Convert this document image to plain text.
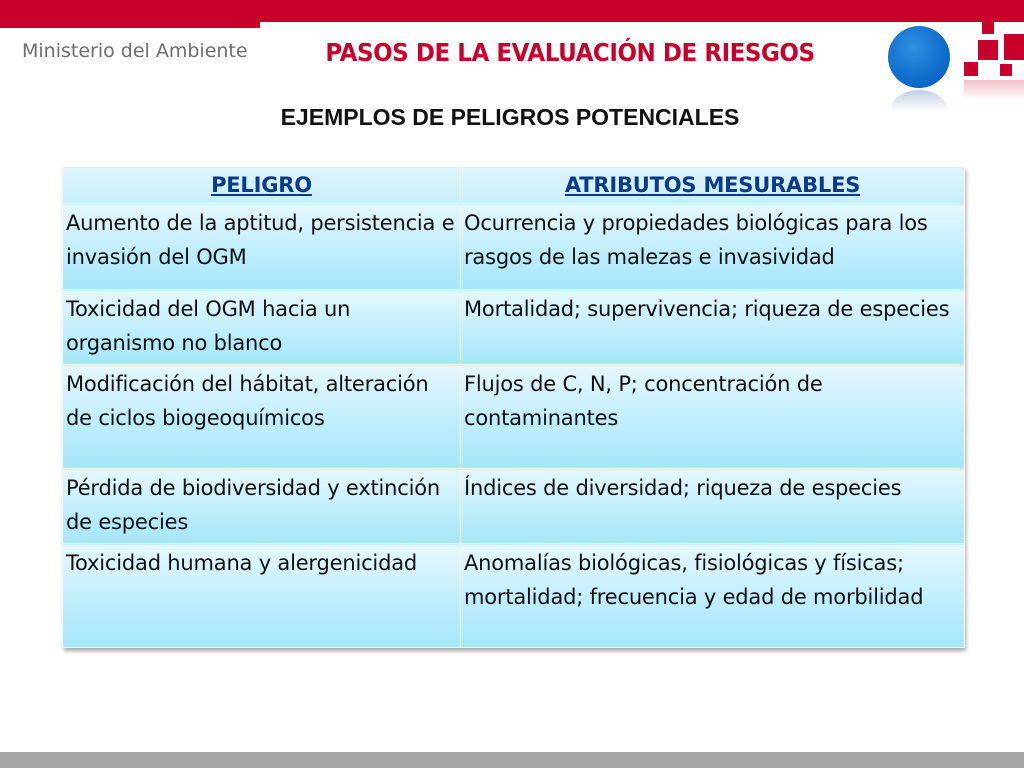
Ministerio del Ambiente	PASOS DE LA EVALUACIÓN DE RIESGOS
EJEMPLOS DE PELIGROS POTENCIALES
PELIGRO	ATRIBUTOS MESURABLES
Aumento de la aptitud, persistencia e invasión del OGM	Ocurrencia y propiedades biológicas para los rasgos de las malezas e invasividad
Toxicidad del OGM hacia un organismo no blanco	Mortalidad; supervivencia; riqueza de especies
Modificación del hábitat, alteración de ciclos biogeoquímicos	Flujos de C, N, P; concentración de contaminantes
Pérdida de biodiversidad y extinción de especies	Índices de diversidad; riqueza de especies
Toxicidad humana y alergenicidad	Anomalías biológicas, fisiológicas y físicas; mortalidad; frecuencia y edad de morbilidad
